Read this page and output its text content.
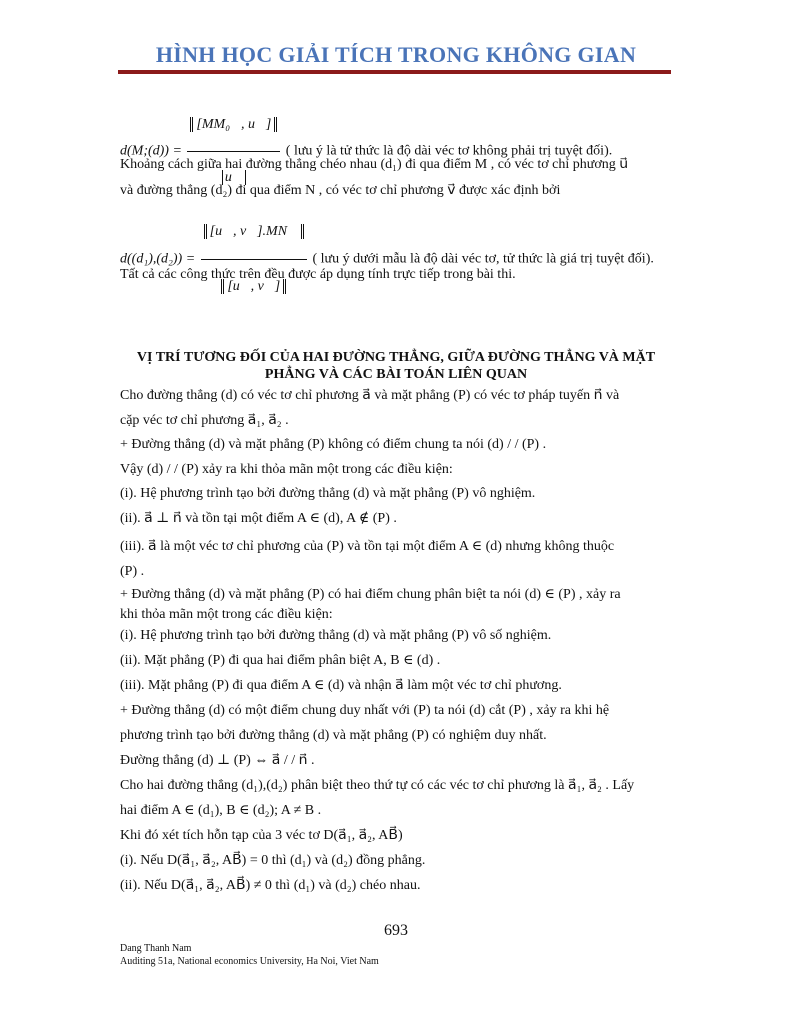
HÌNH HỌC GIẢI TÍCH TRONG KHÔNG GIAN
d(M;(d)) = $\frac{\text{[MM₀⃗, u⃗]}}{u⃗}$ ( lưu ý là tử thức là độ dài véc tơ không phải trị tuyệt đối).
Khoảng cách giữa hai đường thẳng chéo nhau (d₁) đi qua điểm M , có véc tơ chỉ phương u⃗
và đường thẳng (d₂) đi qua điểm N , có véc tơ chỉ phương v⃗ được xác định bởi
$d((d_1),(d_2)) = \frac{[u⃗, v⃗].MN⃗}{[u⃗, v⃗]}$ ( lưu ý dưới mẫu là độ dài véc tơ, tử thức là giá trị tuyệt đối).
Tất cả các công thức trên đều được áp dụng tính trực tiếp trong bài thi.
VỊ TRÍ TƯƠNG ĐỐI CỦA HAI ĐƯỜNG THẲNG, GIỮA ĐƯỜNG THẲNG VÀ MẶT
PHẲNG VÀ CÁC BÀI TOÁN LIÊN QUAN
Cho đường thẳng (d) có véc tơ chỉ phương a⃗ và mặt phẳng (P) có véc tơ pháp tuyến n⃗ và
cặp véc tơ chỉ phương a⃗₁, a⃗₂ .
+ Đường thẳng (d) và mặt phẳng (P) không có điểm chung ta nói (d) / / (P) .
Vậy (d) / / (P) xảy ra khi thỏa mãn một trong các điều kiện:
(i). Hệ phương trình tạo bởi đường thẳng (d) và mặt phẳng (P) vô nghiệm.
(ii). a⃗ ⊥ n⃗ và tồn tại một điểm A ∈ (d), A ∉ (P) .
(iii). a⃗ là một véc tơ chỉ phương của (P) và tồn tại một điểm A ∈ (d) nhưng không thuộc
(P) .
+ Đường thẳng (d) và mặt phẳng (P) có hai điểm chung phân biệt ta nói (d) ∈ (P) , xảy ra
khi thỏa mãn một trong các điều kiện:
(i). Hệ phương trình tạo bởi đường thẳng (d) và mặt phẳng (P) vô số nghiệm.
(ii). Mặt phẳng (P) đi qua hai điểm phân biệt A, B ∈ (d) .
(iii). Mặt phẳng (P) đi qua điểm A ∈ (d) và nhận a⃗ làm một véc tơ chỉ phương.
+ Đường thẳng (d) có một điểm chung duy nhất với (P) ta nói (d) cắt (P) , xảy ra khi hệ
phương trình tạo bởi đường thẳng (d) và mặt phẳng (P) có nghiệm duy nhất.
Đường thẳng (d) ⊥ (P) ⇔ a⃗ / / n⃗ .
Cho hai đường thẳng (d₁),(d₂) phân biệt theo thứ tự có các véc tơ chỉ phương là a⃗₁, a⃗₂ . Lấy
hai điểm A ∈ (d₁), B ∈ (d₂); A ≠ B .
Khi đó xét tích hỗn tạp của 3 véc tơ D(a⃗₁, a⃗₂, AB⃗)
(i). Nếu D(a⃗₁, a⃗₂, AB⃗) = 0 thì (d₁) và (d₂) đồng phẳng.
(ii). Nếu D(a⃗₁, a⃗₂, AB⃗) ≠ 0 thì (d₁) và (d₂) chéo nhau.
693
Dang Thanh Nam
Auditing 51a, National economics University, Ha Noi, Viet Nam
